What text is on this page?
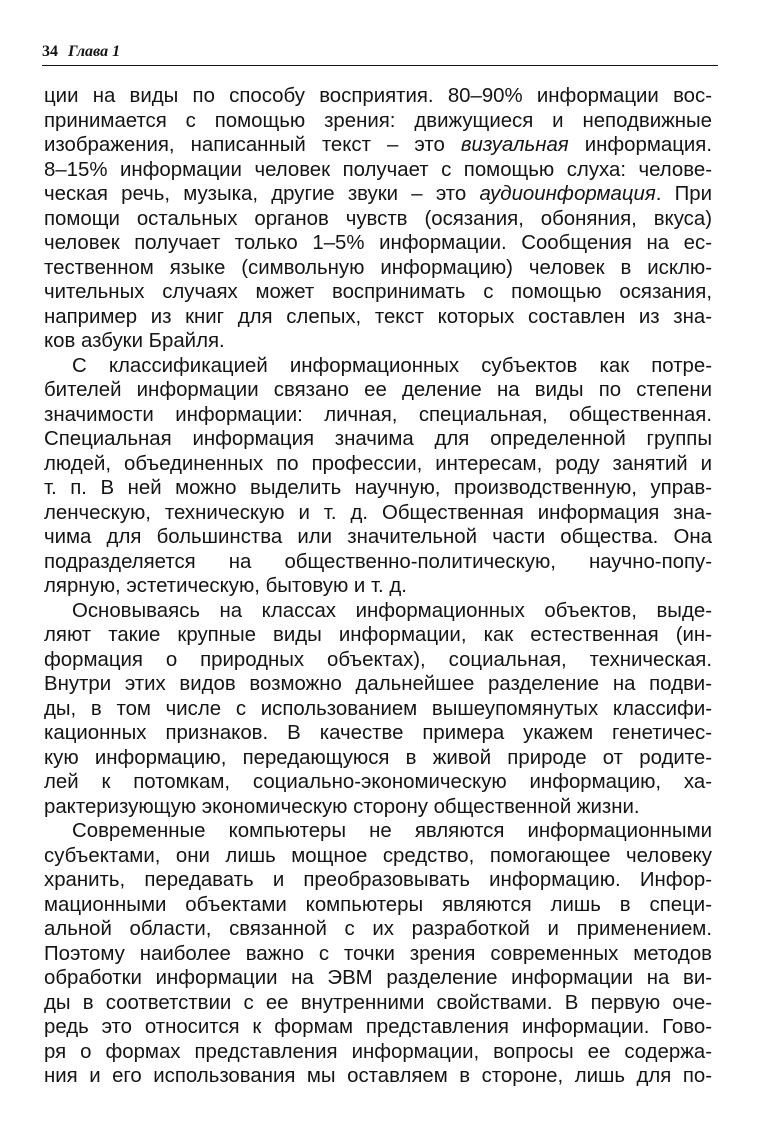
34 Глава 1
ции на виды по способу восприятия. 80–90% информации вос-
принимается с помощью зрения: движущиеся и неподвижные
изображения, написанный текст – это визуальная информация.
8–15% информации человек получает с помощью слуха: челове-
ческая речь, музыка, другие звуки – это аудиоинформация. При
помощи остальных органов чувств (осязания, обоняния, вкуса)
человек получает только 1–5% информации. Сообщения на ес-
тественном языке (символьную информацию) человек в исклю-
чительных случаях может воспринимать с помощью осязания,
например из книг для слепых, текст которых составлен из зна-
ков азбуки Брайля.
С классификацией информационных субъектов как потре-
бителей информации связано ее деление на виды по степени
значимости информации: личная, специальная, общественная.
Специальная информация значима для определенной группы
людей, объединенных по профессии, интересам, роду занятий и
т. п. В ней можно выделить научную, производственную, управ-
ленческую, техническую и т. д. Общественная информация зна-
чима для большинства или значительной части общества. Она
подразделяется на общественно-политическую, научно-попу-
лярную, эстетическую, бытовую и т. д.
Основываясь на классах информационных объектов, выде-
ляют такие крупные виды информации, как естественная (ин-
формация о природных объектах), социальная, техническая.
Внутри этих видов возможно дальнейшее разделение на подви-
ды, в том числе с использованием вышеупомянутых классифи-
кационных признаков. В качестве примера укажем генетичес-
кую информацию, передающуюся в живой природе от родите-
лей к потомкам, социально-экономическую информацию, ха-
рактеризующую экономическую сторону общественной жизни.
Современные компьютеры не являются информационными
субъектами, они лишь мощное средство, помогающее человеку
хранить, передавать и преобразовывать информацию. Инфор-
мационными объектами компьютеры являются лишь в специ-
альной области, связанной с их разработкой и применением.
Поэтому наиболее важно с точки зрения современных методов
обработки информации на ЭВМ разделение информации на ви-
ды в соответствии с ее внутренними свойствами. В первую оче-
редь это относится к формам представления информации. Гово-
ря о формах представления информации, вопросы ее содержа-
ния и его использования мы оставляем в стороне, лишь для по-
